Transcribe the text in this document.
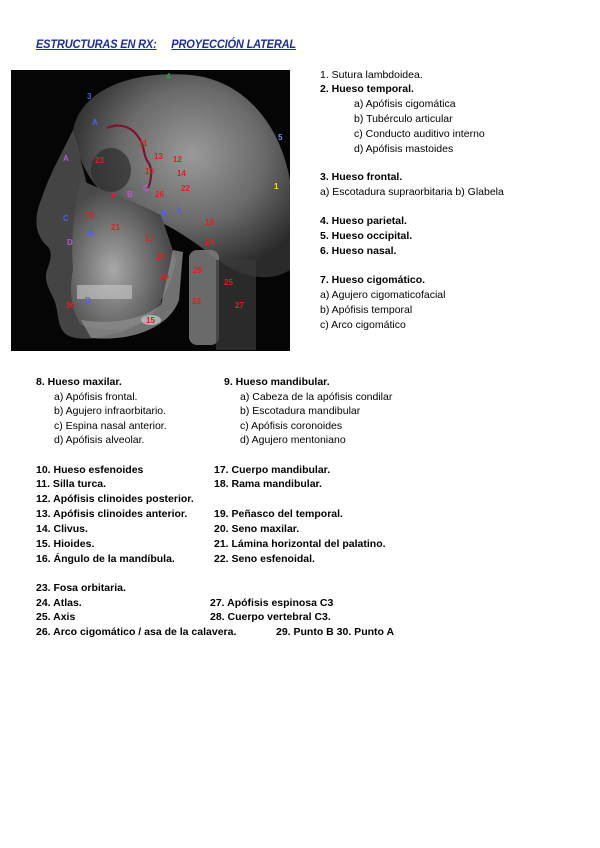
ESTRUCTURAS EN RX: PROYECCIÓN LATERAL
4
3
A
5
11
13 12
23
14
10
1
A
7 B
C
26
22
B
A
C 20
B
21
19
D	17	24
18
29
16
25
28	27
30
D
15
1. Sutura lambdoidea.
2. Hueso temporal.
a) Apófisis cigomática
b) Tubérculo articular
c) Conducto auditivo interno
d) Apófisis mastoides
3. Hueso frontal.
a) Escotadura supraorbitaria b) Glabela
4. Hueso parietal.
5. Hueso occipital.
6. Hueso nasal.
7. Hueso cigomático.
a) Agujero cigomaticofacial
b) Apófisis temporal
c) Arco cigomático
8. Hueso maxilar.
a) Apófisis frontal.
b) Agujero infraorbitario.
c) Espina nasal anterior.
d) Apófisis alveolar.
9. Hueso mandibular.
a) Cabeza de la apófisis condilar
b) Escotadura mandibular
c) Apófisis coronoides
d) Agujero mentoniano
10. Hueso esfenoides	17. Cuerpo mandibular.
11. Silla turca.	18. Rama mandibular.
12. Apófisis clinoides posterior.
13. Apófisis clinoides anterior.	19. Peñasco del temporal.
14. Clivus.	20. Seno maxilar.
15. Hioides.	21. Lámina horizontal del palatino.
16. Ángulo de la mandíbula.	22. Seno esfenoidal.
23. Fosa orbitaria.
24. Atlas.	27. Apófisis espinosa C3
25. Axis	28. Cuerpo vertebral C3.
26. Arco cigomático / asa de la calavera.	29. Punto B 30. Punto A
